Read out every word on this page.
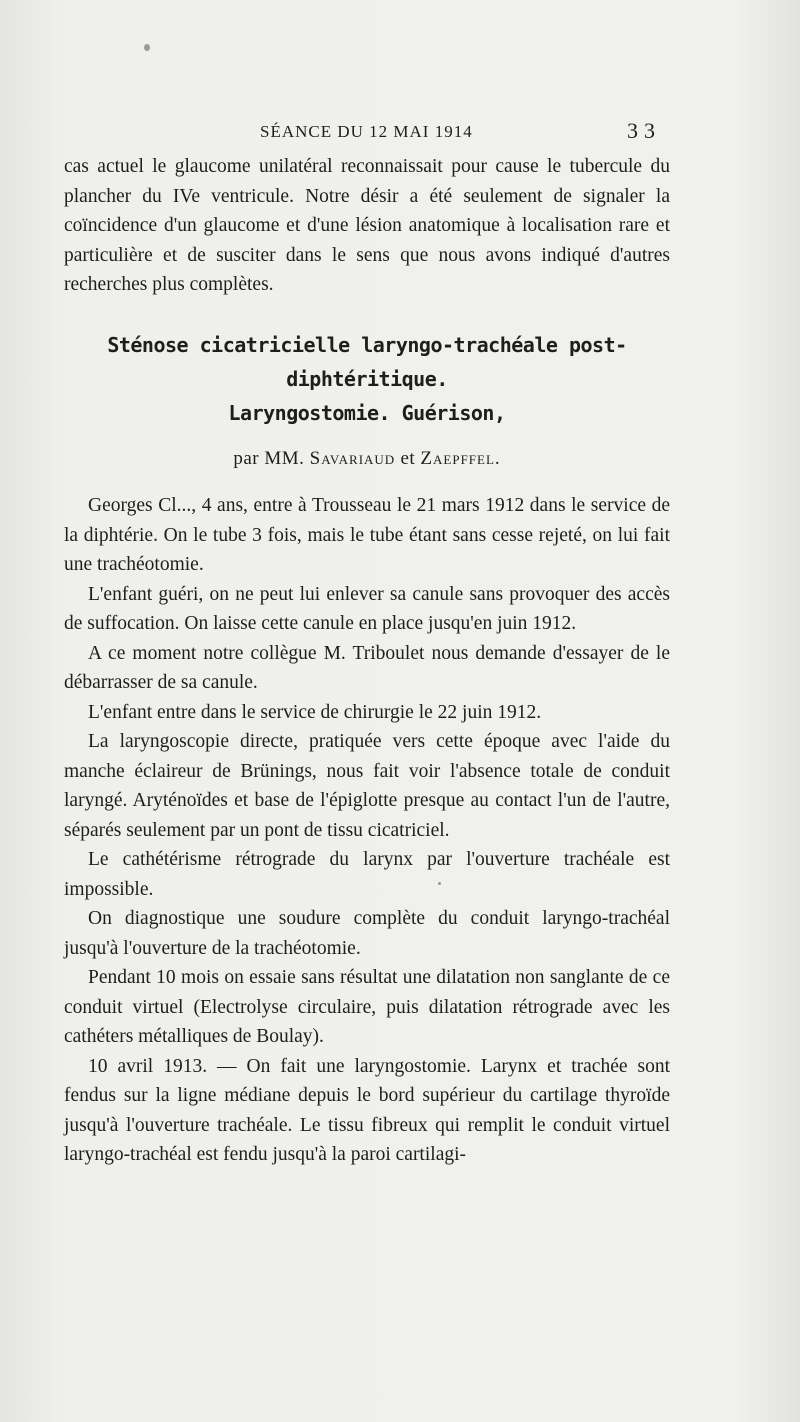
SÉANCE DU 12 MAI 1914	33

cas actuel le glaucome unilatéral reconnaissait pour cause le tubercule du plancher du IVe ventricule. Notre désir a été seulement de signaler la coïncidence d'un glaucome et d'une lésion anatomique à localisation rare et particulière et de susciter dans le sens que nous avons indiqué d'autres recherches plus complètes.

Sténose cicatricielle laryngo-trachéale post-diphtéritique.
Laryngostomie. Guérison,
par MM. Savariaud et Zaepffel.

Georges Cl..., 4 ans, entre à Trousseau le 21 mars 1912 dans le service de la diphtérie. On le tube 3 fois, mais le tube étant sans cesse rejeté, on lui fait une trachéotomie.

L'enfant guéri, on ne peut lui enlever sa canule sans provoquer des accès de suffocation. On laisse cette canule en place jusqu'en juin 1912.

A ce moment notre collègue M. Triboulet nous demande d'essayer de le débarrasser de sa canule.

L'enfant entre dans le service de chirurgie le 22 juin 1912.

La laryngoscopie directe, pratiquée vers cette époque avec l'aide du manche éclaireur de Brünings, nous fait voir l'absence totale de conduit laryngé. Aryténoïdes et base de l'épiglotte presque au contact l'un de l'autre, séparés seulement par un pont de tissu cicatriciel.

Le cathétérisme rétrograde du larynx par l'ouverture trachéale est impossible.

On diagnostique une soudure complète du conduit laryngo-trachéal jusqu'à l'ouverture de la trachéotomie.

Pendant 10 mois on essaie sans résultat une dilatation non sanglante de ce conduit virtuel (Electrolyse circulaire, puis dilatation rétrograde avec les cathéters métalliques de Boulay).

10 avril 1913. — On fait une laryngostomie. Larynx et trachée sont fendus sur la ligne médiane depuis le bord supérieur du cartilage thyroïde jusqu'à l'ouverture trachéale. Le tissu fibreux qui remplit le conduit virtuel laryngo-trachéal est fendu jusqu'à la paroi cartilagi-
